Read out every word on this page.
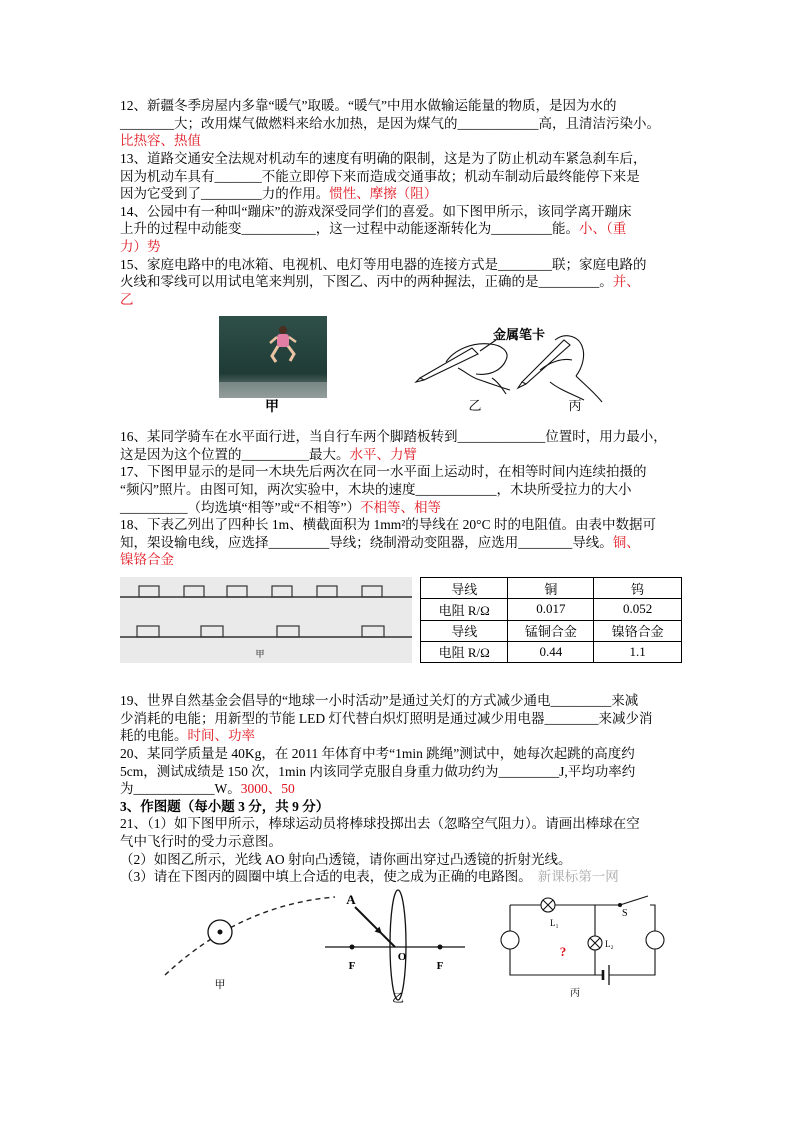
12、新疆冬季房屋内多靠“暖气”取暖。“暖气”中用水做输运能量的物质，是因为水的
________大；改用煤气做燃料来给水加热，是因为煤气的____________高，且清洁污染小。
比热容、热值
13、道路交通安全法规对机动车的速度有明确的限制，这是为了防止机动车紧急刹车后，
因为机动车具有_______不能立即停下来而造成交通事故；机动车制动后最终能停下来是
因为它受到了_________力的作用。惯性、摩擦（阻）
14、公园中有一种叫“蹦床”的游戏深受同学们的喜爱。如下图甲所示，该同学离开蹦床
上升的过程中动能变___________，这一过程中动能逐渐转化为_________能。小、（重
力）势
15、家庭电路中的电冰箱、电视机、电灯等用电器的连接方式是________联；家庭电路的
火线和零线可以用试电笔来判别，下图乙、丙中的两种握法，正确的是_________。并、
乙
甲
金属笔卡
乙	丙
16、某同学骑车在水平面行进，当自行车两个脚踏板转到_____________位置时，用力最小，
这是因为这个位置的__________最大。水平、力臂
17、下图甲显示的是同一木块先后两次在同一水平面上运动时，在相等时间内连续拍摄的
“频闪”照片。由图可知，两次实验中，木块的速度____________，木块所受拉力的大小
__________（均选填“相等”或“不相等”）不相等、相等
18、下表乙列出了四种长 1m、横截面积为 1mm²的导线在 20°C 时的电阻值。由表中数据可
知，架设输电线，应选择_________导线；绕制滑动变阻器，应选用________导线。铜、
镍铬合金
甲
导线	铜	钨
电阻 R/Ω	0.017	0.052
导线	锰铜合金	镍铬合金
电阻 R/Ω	0.44	1.1
19、世界自然基金会倡导的“地球一小时活动”是通过关灯的方式减少通电_________来减
少消耗的电能；用新型的节能 LED 灯代替白炽灯照明是通过减少用电器________来减少消
耗的电能。时间、功率
20、某同学质量是 40Kg，在 2011 年体育中考“1min 跳绳”测试中，她每次起跳的高度约
5cm，测试成绩是 150 次，1min 内该同学克服自身重力做功约为_________J,平均功率约
为____________W。3000、50
3、作图题（每小题 3 分，共 9 分）
21、（1）如下图甲所示，棒球运动员将棒球投掷出去（忽略空气阻力）。请画出棒球在空
气中飞行时的受力示意图。
（2）如图乙所示，光线 AO 射向凸透镜，请你画出穿过凸透镜的折射光线。
（3）请在下图丙的圆圈中填上合适的电表，使之成为正确的电路图。 新课标第一网
甲
A
O
F	F
乙
S
L₁
L₂
?
丙
